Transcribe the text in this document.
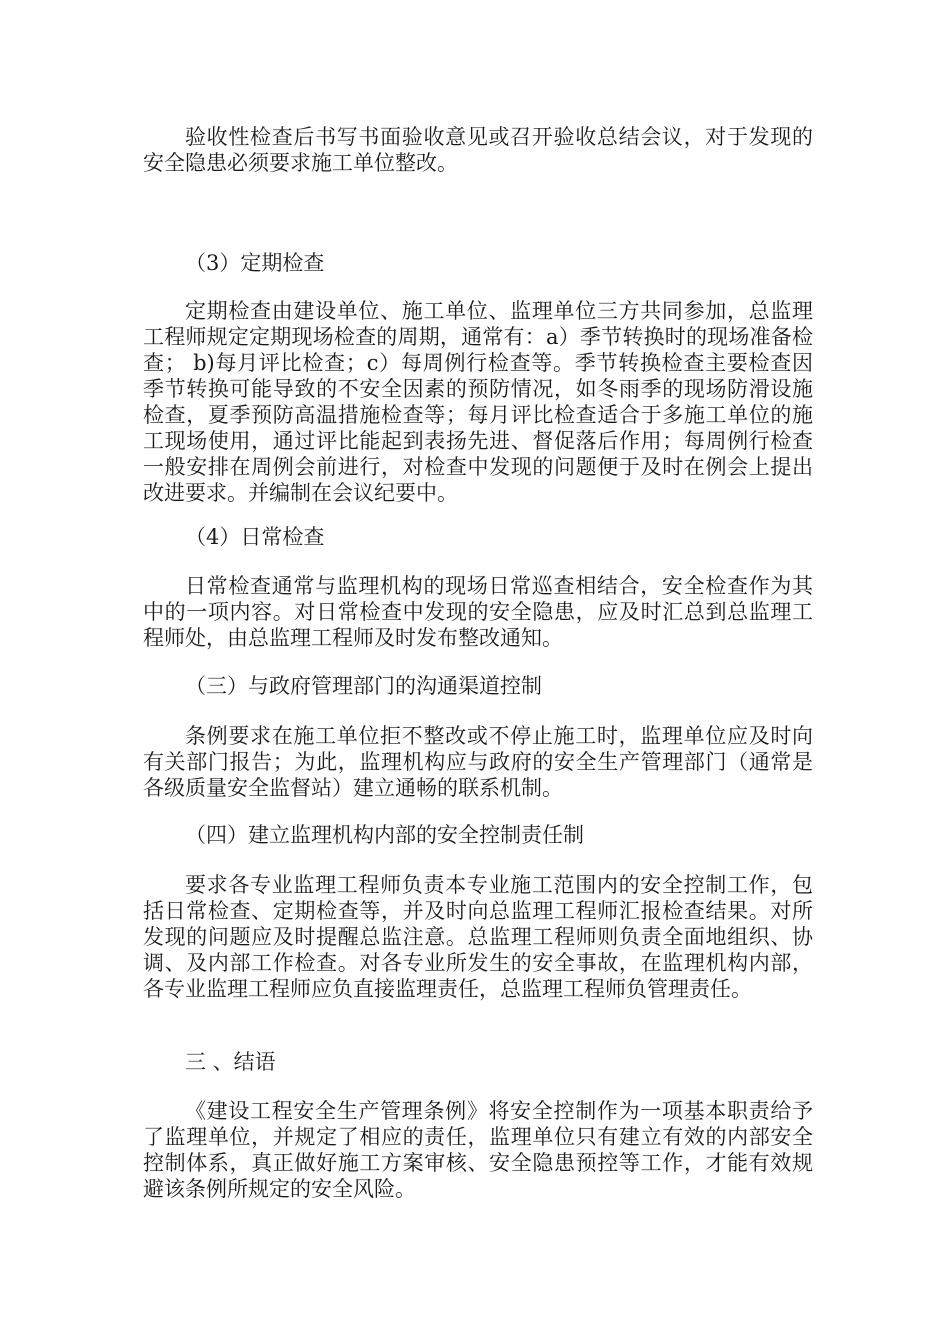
验收性检查后书写书面验收意见或召开验收总结会议，对于发现的安全隐患必须要求施工单位整改。

（3）定期检查

定期检查由建设单位、施工单位、监理单位三方共同参加，总监理工程师规定定期现场检查的周期，通常有：a）季节转换时的现场准备检查； b)每月评比检查；c）每周例行检查等。季节转换检查主要检查因季节转换可能导致的不安全因素的预防情况，如冬雨季的现场防滑设施检查，夏季预防高温措施检查等；每月评比检查适合于多施工单位的施工现场使用，通过评比能起到表扬先进、督促落后作用；每周例行检查一般安排在周例会前进行，对检查中发现的问题便于及时在例会上提出改进要求。并编制在会议纪要中。

（4）日常检查

日常检查通常与监理机构的现场日常巡查相结合，安全检查作为其中的一项内容。对日常检查中发现的安全隐患，应及时汇总到总监理工程师处，由总监理工程师及时发布整改通知。

（三）与政府管理部门的沟通渠道控制

条例要求在施工单位拒不整改或不停止施工时，监理单位应及时向有关部门报告；为此，监理机构应与政府的安全生产管理部门（通常是各级质量安全监督站）建立通畅的联系机制。

（四）建立监理机构内部的安全控制责任制

要求各专业监理工程师负责本专业施工范围内的安全控制工作，包括日常检查、定期检查等，并及时向总监理工程师汇报检查结果。对所发现的问题应及时提醒总监注意。总监理工程师则负责全面地组织、协调、及内部工作检查。对各专业所发生的安全事故，在监理机构内部，各专业监理工程师应负直接监理责任，总监理工程师负管理责任。

三 、结语

《建设工程安全生产管理条例》将安全控制作为一项基本职责给予了监理单位，并规定了相应的责任，监理单位只有建立有效的内部安全控制体系，真正做好施工方案审核、安全隐患预控等工作，才能有效规避该条例所规定的安全风险。
